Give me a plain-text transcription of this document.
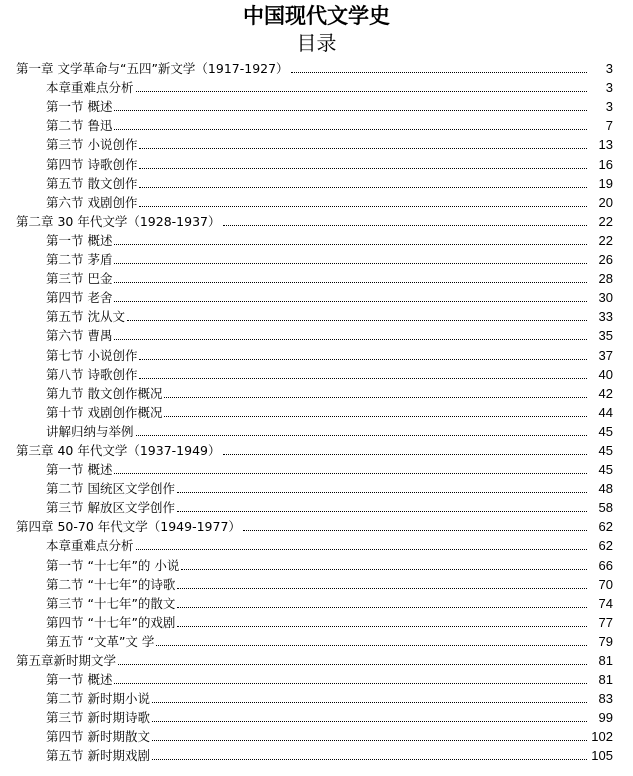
中国现代文学史
目录
第一章 文学革命与“五四”新文学（1917-1927）	3
本章重难点分析	3
第一节 概述	3
第二节 鲁迅	7
第三节 小说创作	13
第四节 诗歌创作	16
第五节 散文创作	19
第六节 戏剧创作	20
第二章 30 年代文学（1928-1937）	22
第一节 概述	22
第二节 茅盾	26
第三节 巴金	28
第四节 老舍	30
第五节 沈从文	33
第六节 曹禺	35
第七节 小说创作	37
第八节 诗歌创作	40
第九节 散文创作概况	42
第十节 戏剧创作概况	44
讲解归纳与举例	45
第三章 40 年代文学（1937-1949）	45
第一节 概述	45
第二节 国统区文学创作	48
第三节 解放区文学创作	58
第四章 50-70 年代文学（1949-1977）	62
本章重难点分析	62
第一节 “十七年”的 小说	66
第二节 “十七年”的诗歌	70
第三节 “十七年”的散文	74
第四节 “十七年”的戏剧	77
第五节 “文革”文 学	79
第五章新时期文学	81
第一节 概述	81
第二节 新时期小说	83
第三节 新时期诗歌	99
第四节 新时期散文	102
第五节 新时期戏剧	105
